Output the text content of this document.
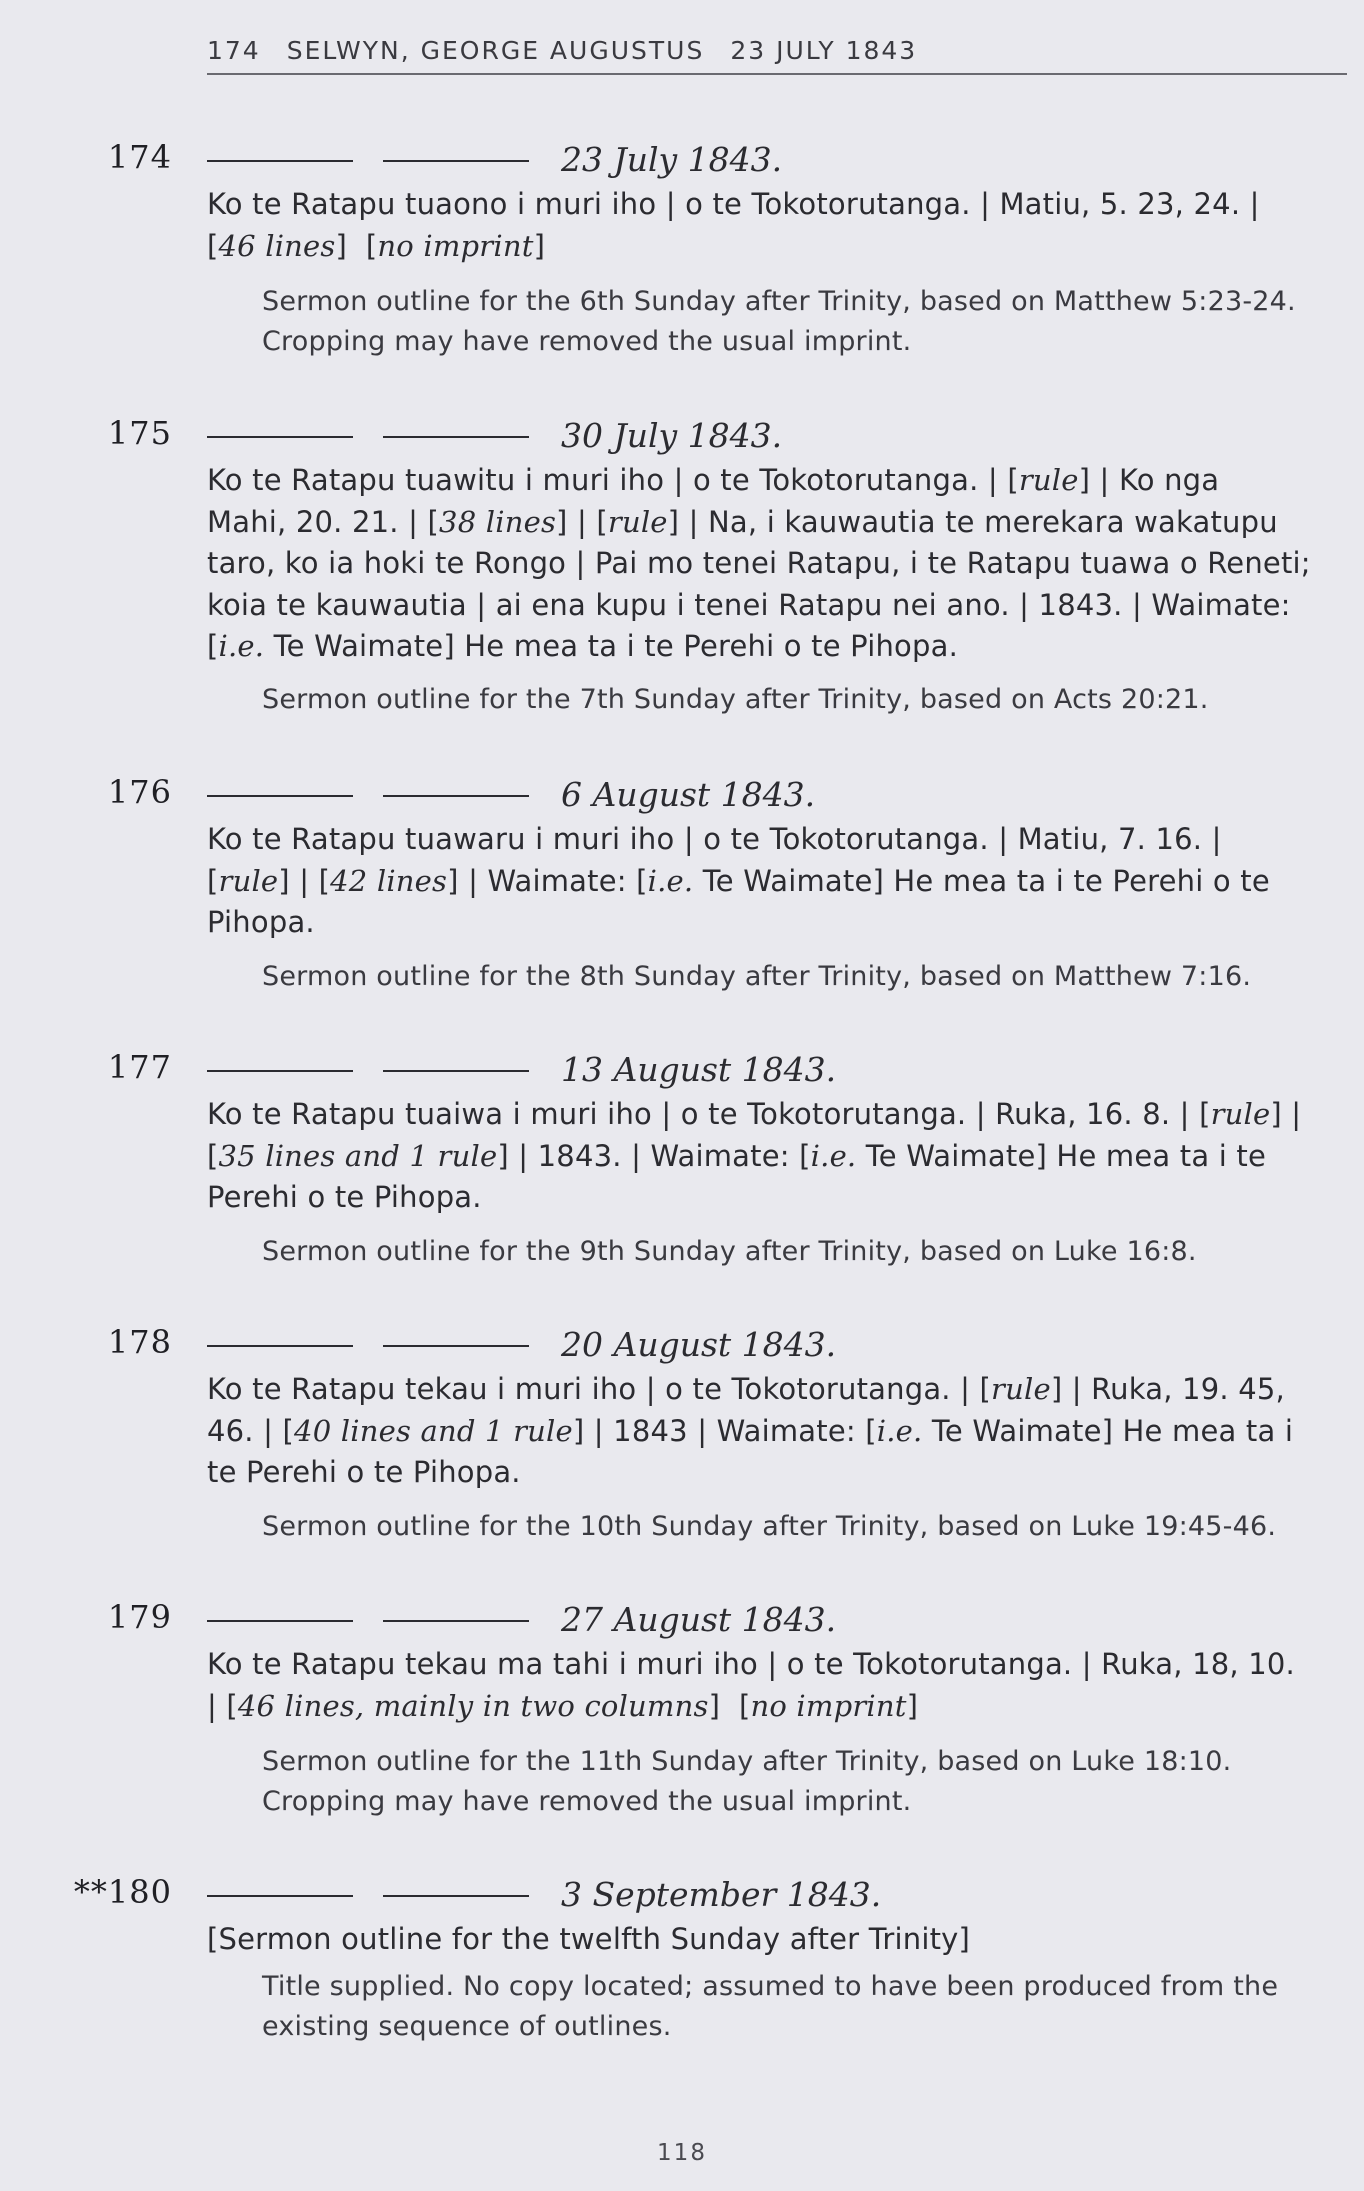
174 SELWYN, GEORGE AUGUSTUS 23 JULY 1843
174	23 July 1843.
Ko te Ratapu tuaono i muri iho | o te Tokotorutanga. | Matiu, 5. 23, 24. |
[46 lines]  [no imprint]
Sermon outline for the 6th Sunday after Trinity, based on Matthew 5:23-24.
Cropping may have removed the usual imprint.
175	30 July 1843.
Ko te Ratapu tuawitu i muri iho | o te Tokotorutanga. | [rule] | Ko nga
Mahi, 20. 21. | [38 lines] | [rule] | Na, i kauwautia te merekara wakatupu
taro, ko ia hoki te Rongo | Pai mo tenei Ratapu, i te Ratapu tuawa o Reneti;
koia te kauwautia | ai ena kupu i tenei Ratapu nei ano. | 1843. | Waimate:
[i.e. Te Waimate] He mea ta i te Perehi o te Pihopa.
Sermon outline for the 7th Sunday after Trinity, based on Acts 20:21.
176	6 August 1843.
Ko te Ratapu tuawaru i muri iho | o te Tokotorutanga. | Matiu, 7. 16. |
[rule] | [42 lines] | Waimate: [i.e. Te Waimate] He mea ta i te Perehi o te
Pihopa.
Sermon outline for the 8th Sunday after Trinity, based on Matthew 7:16.
177	13 August 1843.
Ko te Ratapu tuaiwa i muri iho | o te Tokotorutanga. | Ruka, 16. 8. | [rule] |
[35 lines and 1 rule] | 1843. | Waimate: [i.e. Te Waimate] He mea ta i te
Perehi o te Pihopa.
Sermon outline for the 9th Sunday after Trinity, based on Luke 16:8.
178	20 August 1843.
Ko te Ratapu tekau i muri iho | o te Tokotorutanga. | [rule] | Ruka, 19. 45,
46. | [40 lines and 1 rule] | 1843 | Waimate: [i.e. Te Waimate] He mea ta i
te Perehi o te Pihopa.
Sermon outline for the 10th Sunday after Trinity, based on Luke 19:45-46.
179	27 August 1843.
Ko te Ratapu tekau ma tahi i muri iho | o te Tokotorutanga. | Ruka, 18, 10.
| [46 lines, mainly in two columns]  [no imprint]
Sermon outline for the 11th Sunday after Trinity, based on Luke 18:10.
Cropping may have removed the usual imprint.
**180	3 September 1843.
[Sermon outline for the twelfth Sunday after Trinity]
Title supplied. No copy located; assumed to have been produced from the
existing sequence of outlines.
118
